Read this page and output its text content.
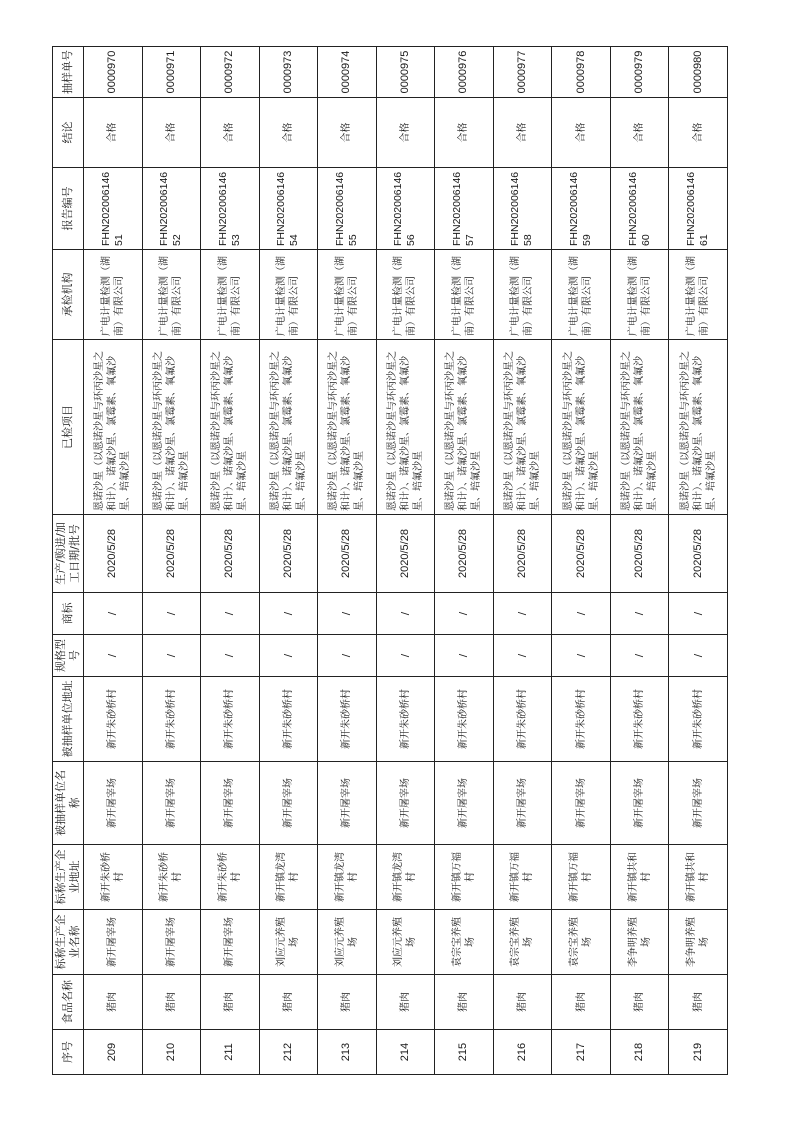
序号	食品名称	标称生产企业名称	标称生产企业地址	被抽样单位名称	被抽样单位地址	规格型号	商标	生产/购进/加工日期/批号	已检项目	承检机构	报告编号	结论	抽样单号
209	猪肉	新开屠宰场	新开朱砂桥村	新开屠宰场	新开朱砂桥村	/	/	2020/5/28	恩诺沙星（以恩诺沙星与环丙沙星之和计）、诺氟沙星、氯霉素、氧氟沙星、培氟沙星	广电计量检测（湖南）有限公司	FHN20200614651	合格	0000970
210	猪肉	新开屠宰场	新开朱砂桥村	新开屠宰场	新开朱砂桥村	/	/	2020/5/28	恩诺沙星（以恩诺沙星与环丙沙星之和计）、诺氟沙星、氯霉素、氧氟沙星、培氟沙星	广电计量检测（湖南）有限公司	FHN20200614652	合格	0000971
211	猪肉	新开屠宰场	新开朱砂桥村	新开屠宰场	新开朱砂桥村	/	/	2020/5/28	恩诺沙星（以恩诺沙星与环丙沙星之和计）、诺氟沙星、氯霉素、氧氟沙星、培氟沙星	广电计量检测（湖南）有限公司	FHN20200614653	合格	0000972
212	猪肉	刘应元养殖场	新开镇龙湾村	新开屠宰场	新开朱砂桥村	/	/	2020/5/28	恩诺沙星（以恩诺沙星与环丙沙星之和计）、诺氟沙星、氯霉素、氧氟沙星、培氟沙星	广电计量检测（湖南）有限公司	FHN20200614654	合格	0000973
213	猪肉	刘应元养殖场	新开镇龙湾村	新开屠宰场	新开朱砂桥村	/	/	2020/5/28	恩诺沙星（以恩诺沙星与环丙沙星之和计）、诺氟沙星、氯霉素、氧氟沙星、培氟沙星	广电计量检测（湖南）有限公司	FHN20200614655	合格	0000974
214	猪肉	刘应元养殖场	新开镇龙湾村	新开屠宰场	新开朱砂桥村	/	/	2020/5/28	恩诺沙星（以恩诺沙星与环丙沙星之和计）、诺氟沙星、氯霉素、氧氟沙星、培氟沙星	广电计量检测（湖南）有限公司	FHN20200614656	合格	0000975
215	猪肉	袁宗宝养殖场	新开镇万福村	新开屠宰场	新开朱砂桥村	/	/	2020/5/28	恩诺沙星（以恩诺沙星与环丙沙星之和计）、诺氟沙星、氯霉素、氧氟沙星、培氟沙星	广电计量检测（湖南）有限公司	FHN20200614657	合格	0000976
216	猪肉	袁宗宝养殖场	新开镇万福村	新开屠宰场	新开朱砂桥村	/	/	2020/5/28	恩诺沙星（以恩诺沙星与环丙沙星之和计）、诺氟沙星、氯霉素、氧氟沙星、培氟沙星	广电计量检测（湖南）有限公司	FHN20200614658	合格	0000977
217	猪肉	袁宗宝养殖场	新开镇万福村	新开屠宰场	新开朱砂桥村	/	/	2020/5/28	恩诺沙星（以恩诺沙星与环丙沙星之和计）、诺氟沙星、氯霉素、氧氟沙星、培氟沙星	广电计量检测（湖南）有限公司	FHN20200614659	合格	0000978
218	猪肉	李争明养殖场	新开镇共和村	新开屠宰场	新开朱砂桥村	/	/	2020/5/28	恩诺沙星（以恩诺沙星与环丙沙星之和计）、诺氟沙星、氯霉素、氧氟沙星、培氟沙星	广电计量检测（湖南）有限公司	FHN20200614660	合格	0000979
219	猪肉	李争明养殖场	新开镇共和村	新开屠宰场	新开朱砂桥村	/	/	2020/5/28	恩诺沙星（以恩诺沙星与环丙沙星之和计）、诺氟沙星、氯霉素、氧氟沙星、培氟沙星	广电计量检测（湖南）有限公司	FHN20200614661	合格	0000980
